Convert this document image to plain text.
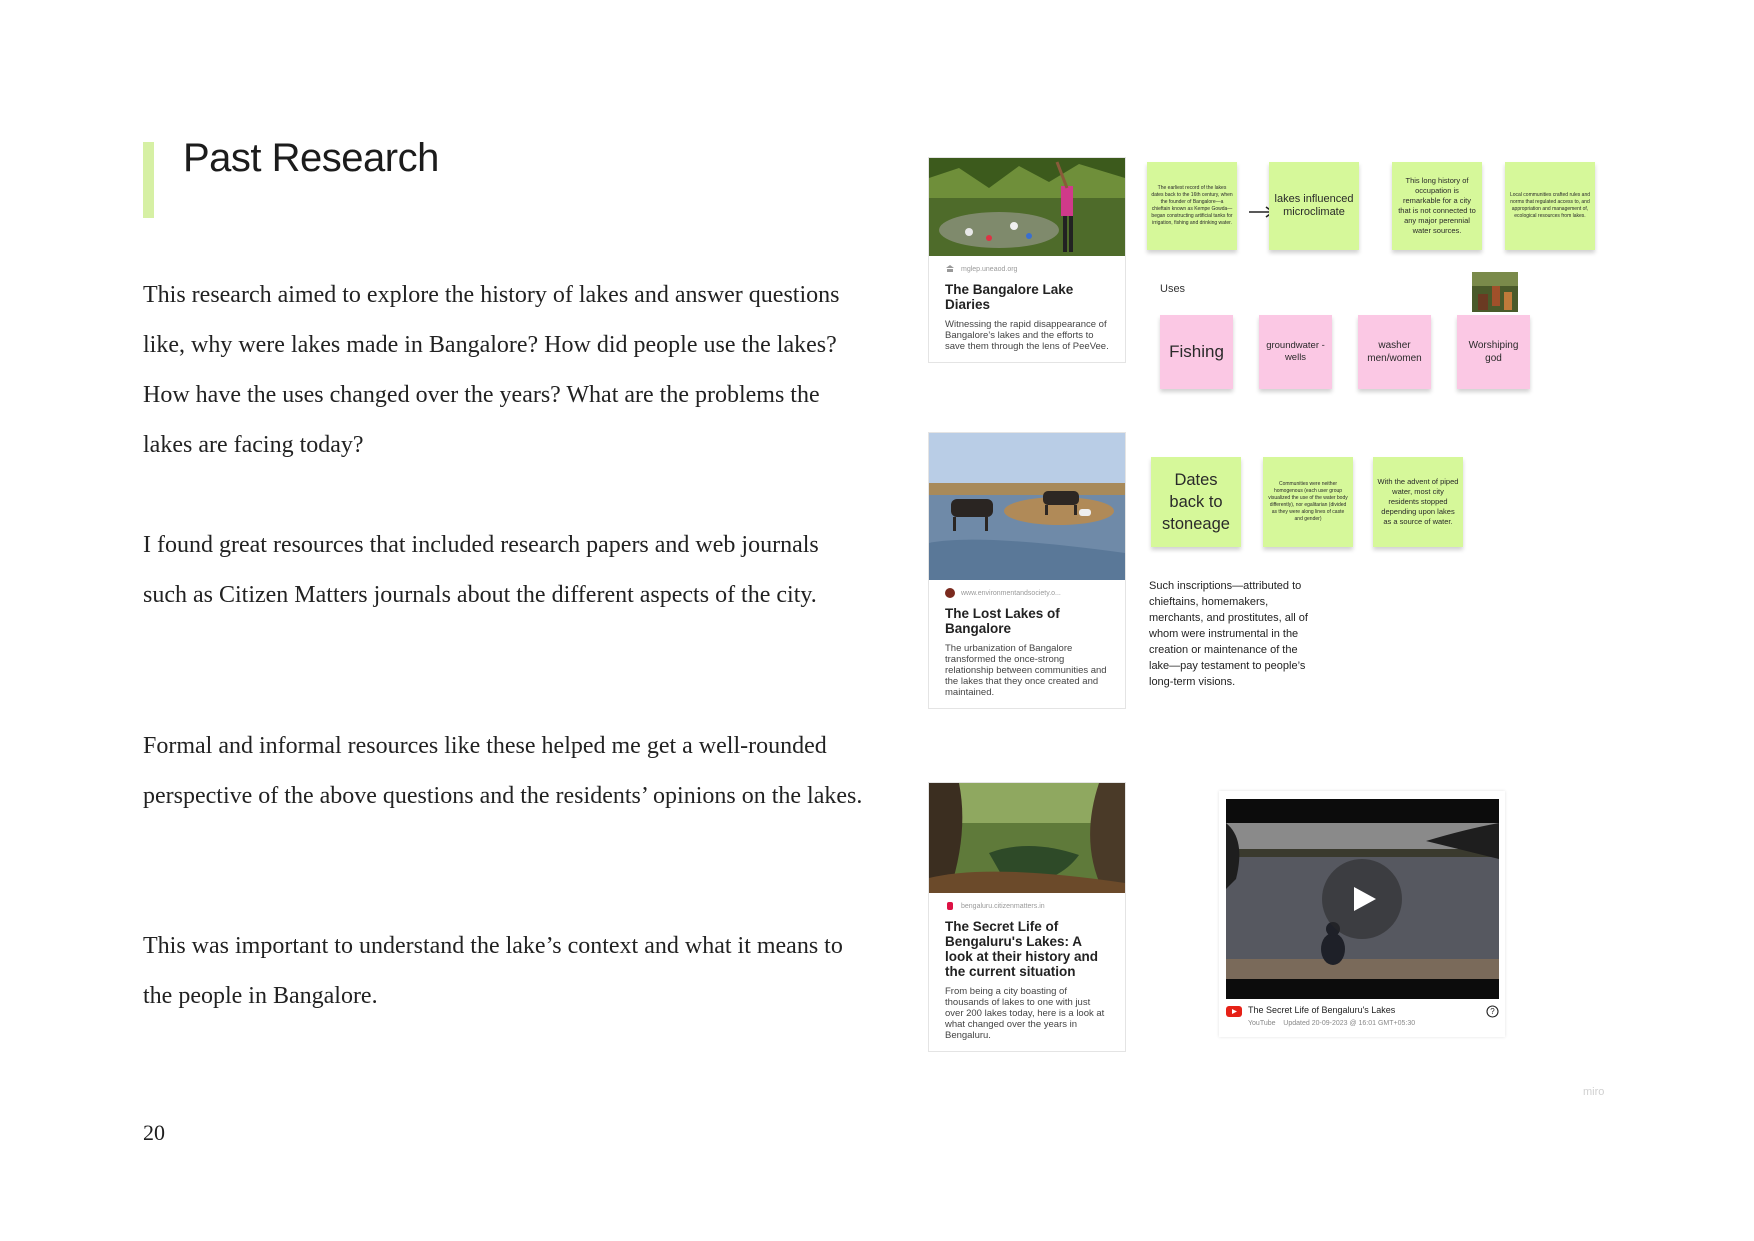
Past Research

This research aimed to explore the history of lakes and answer questions like, why were lakes made in Bangalore? How did people use the lakes? How have the uses changed over the years? What are the problems the lakes are facing today?

I found great resources that included research papers and web journals such as Citizen Matters journals about the different aspects of the city.

Formal and informal resources like these helped me get a well-rounded perspective of the above questions and the residents’ opinions on the lakes.

This was important to understand the lake’s context and what it means to the people in Bangalore.

20
mglep.uneaod.org
The Bangalore Lake Diaries
Witnessing the rapid disappearance of Bangalore’s lakes and the efforts to save them through the lens of PeeVee.
www.environmentandsociety.o...
The Lost Lakes of Bangalore
The urbanization of Bangalore transformed the once-strong relationship between communities and the lakes that they once created and maintained.
bengaluru.citizenmatters.in
The Secret Life of Bengaluru's Lakes: A look at their history and the current situation
From being a city boasting of thousands of lakes to one with just over 200 lakes today, here is a look at what changed over the years in Bengaluru.
The earliest record of the lakes dates back to the 16th century, when the founder of Bangalore—a chieftain known as Kempe Gowda—began constructing artificial tanks for irrigation, fishing and drinking water.
lakes influenced microclimate
This long history of occupation is remarkable for a city that is not connected to any major perennial water sources.
Local communities crafted rules and norms that regulated access to, and appropriation and management of, ecological resources from lakes.
Uses
Fishing	groundwater - wells
washer men/women
Worshiping god
Dates back to stoneage
Communities were neither homogenous (each user group visualized the use of the water body differently), nor egalitarian (divided as they were along lines of caste and gender)
With the advent of piped water, most city residents stopped depending upon lakes as a source of water.
Such inscriptions—attributed to chieftains, homemakers, merchants, and prostitutes, all of whom were instrumental in the creation or maintenance of the lake—pay testament to people’s long-term visions.
The Secret Life of Bengaluru's Lakes
YouTube Updated 20-09-2023 @ 16:01 GMT+05:30
?
miro
